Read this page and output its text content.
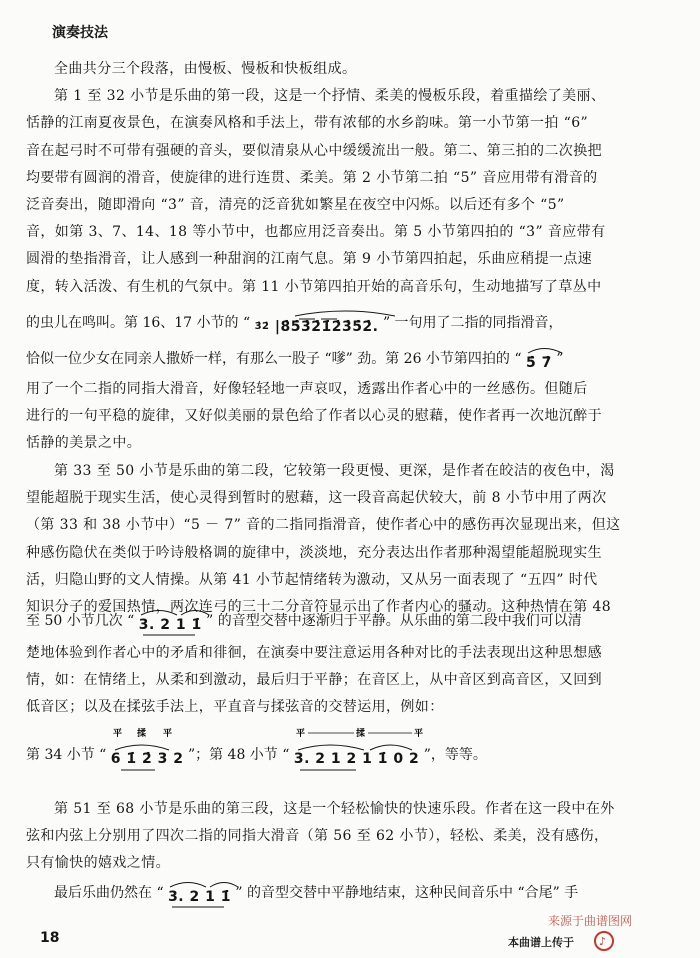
演奏技法
全曲共分三个段落，由慢板、慢板和快板组成。
第 1 至 32 小节是乐曲的第一段，这是一个抒情、柔美的慢板乐段，着重描绘了美丽、
恬静的江南夏夜景色，在演奏风格和手法上，带有浓郁的水乡韵味。第一小节第一拍 “6”
音在起弓时不可带有强硬的音头，要似清泉从心中缓缓流出一般。第二、第三拍的二次换把
均要带有圆润的滑音，使旋律的进行连贯、柔美。第 2 小节第二拍 “5̇” 音应用带有滑音的
泛音奏出，随即滑向 “3̇” 音，清亮的泛音犹如繁星在夜空中闪烁。以后还有多个 “5̇”
音，如第 3、7、14、18 等小节中，也都应用泛音奏出。第 5 小节第四拍的 “3̇” 音应带有
圆滑的垫指滑音，让人感到一种甜润的江南气息。第 9 小节第四拍起，乐曲应稍提一点速
度，转入活泼、有生机的气氛中。第 11 小节第四拍开始的高音乐句，生动地描写了草丛中
的虫儿在鸣叫。第 16、17 小节的 “ $^{3̇2̇}$ |8̇5̇3̇2̇1̇2̇3̇5̇2̇. ” 一句用了二指的同指滑音，
恰似一位少女在同亲人撒娇一样，有那么一股子 “嗲” 劲。第 26 小节第四拍的 “ 5̇ 7̇ ”
用了一个二指的同指大滑音，好像轻轻地一声哀叹，透露出作者心中的一丝感伤。但随后
进行的一句平稳的旋律，又好似美丽的景色给了作者以心灵的慰藉，使作者再一次地沉醉于
恬静的美景之中。
第 33 至 50 小节是乐曲的第二段，它较第一段更慢、更深，是作者在皎洁的夜色中，渴
望能超脱于现实生活，使心灵得到暂时的慰藉，这一段音高起伏较大，前 8 小节中用了两次
（第 33 和 38 小节中）“5 － 7” 音的二指同指滑音，使作者心中的感伤再次显现出来，但这
种感伤隐伏在类似于吟诗般格调的旋律中，淡淡地，充分表达出作者那种渴望能超脱现实生
活，归隐山野的文人情操。从第 41 小节起情绪转为激动，又从另一面表现了 “五四” 时代
知识分子的爱国热情，两次连弓的三十二分音符显示出了作者内心的骚动。这种热情在第 48
至 50 小节几次 “ 3. 2 1 1̇ ” 的音型交替中逐渐归于平静。从乐曲的第二段中我们可以清
楚地体验到作者心中的矛盾和徘徊，在演奏中要注意运用各种对比的手法表现出这种思想感
情，如：在情绪上，从柔和到激动，最后归于平静；在音区上，从中音区到高音区，又回到
低音区；以及在揉弦手法上，平直音与揉弦音的交替运用，例如：
第 34 小节 “
平 揉 平
6 1̇ 2̇ 3 2 ”；第 48 小节 “
平	揉	平
3. 2 1 2 1 1̇ 0 2 ”，等等。
第 51 至 68 小节是乐曲的第三段，这是一个轻松愉快的快速乐段。作者在这一段中在外
弦和内弦上分别用了四次二指的同指大滑音（第 56 至 62 小节），轻松、柔美，没有感伤，
只有愉快的嬉戏之情。
最后乐曲仍然在 “ 3. 2 1 1̇ ” 的音型交替中平静地结束，这种民间音乐中 “合尾” 手
18	本曲谱上传于
来源于曲谱图网
♪
